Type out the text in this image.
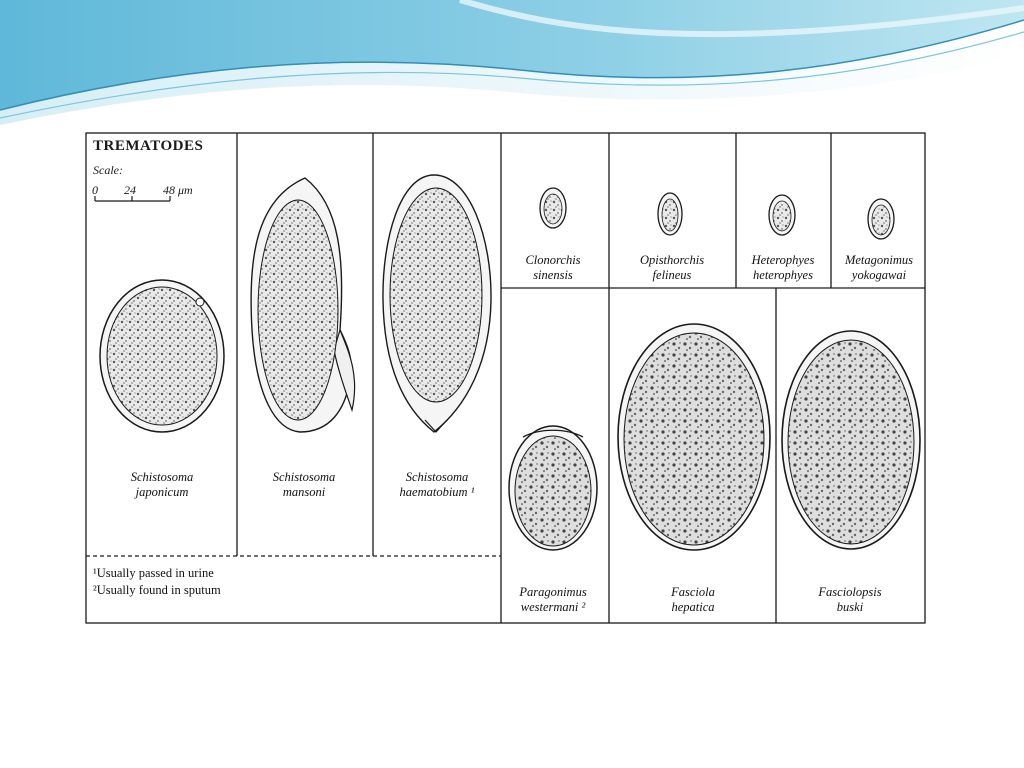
TREMATODES
Scale:
0 24 48 μm
Schistosoma
japonicum
Schistosoma
mansoni
Schistosoma
haematobium ¹
Clonorchis
sinensis
Opisthorchis
felineus
Heterophyes
heterophyes
Metagonimus
yokogawai
Paragonimus
westermani ²
Fasciola
hepatica
Fasciolopsis
buski
¹Usually passed in urine
²Usually found in sputum
